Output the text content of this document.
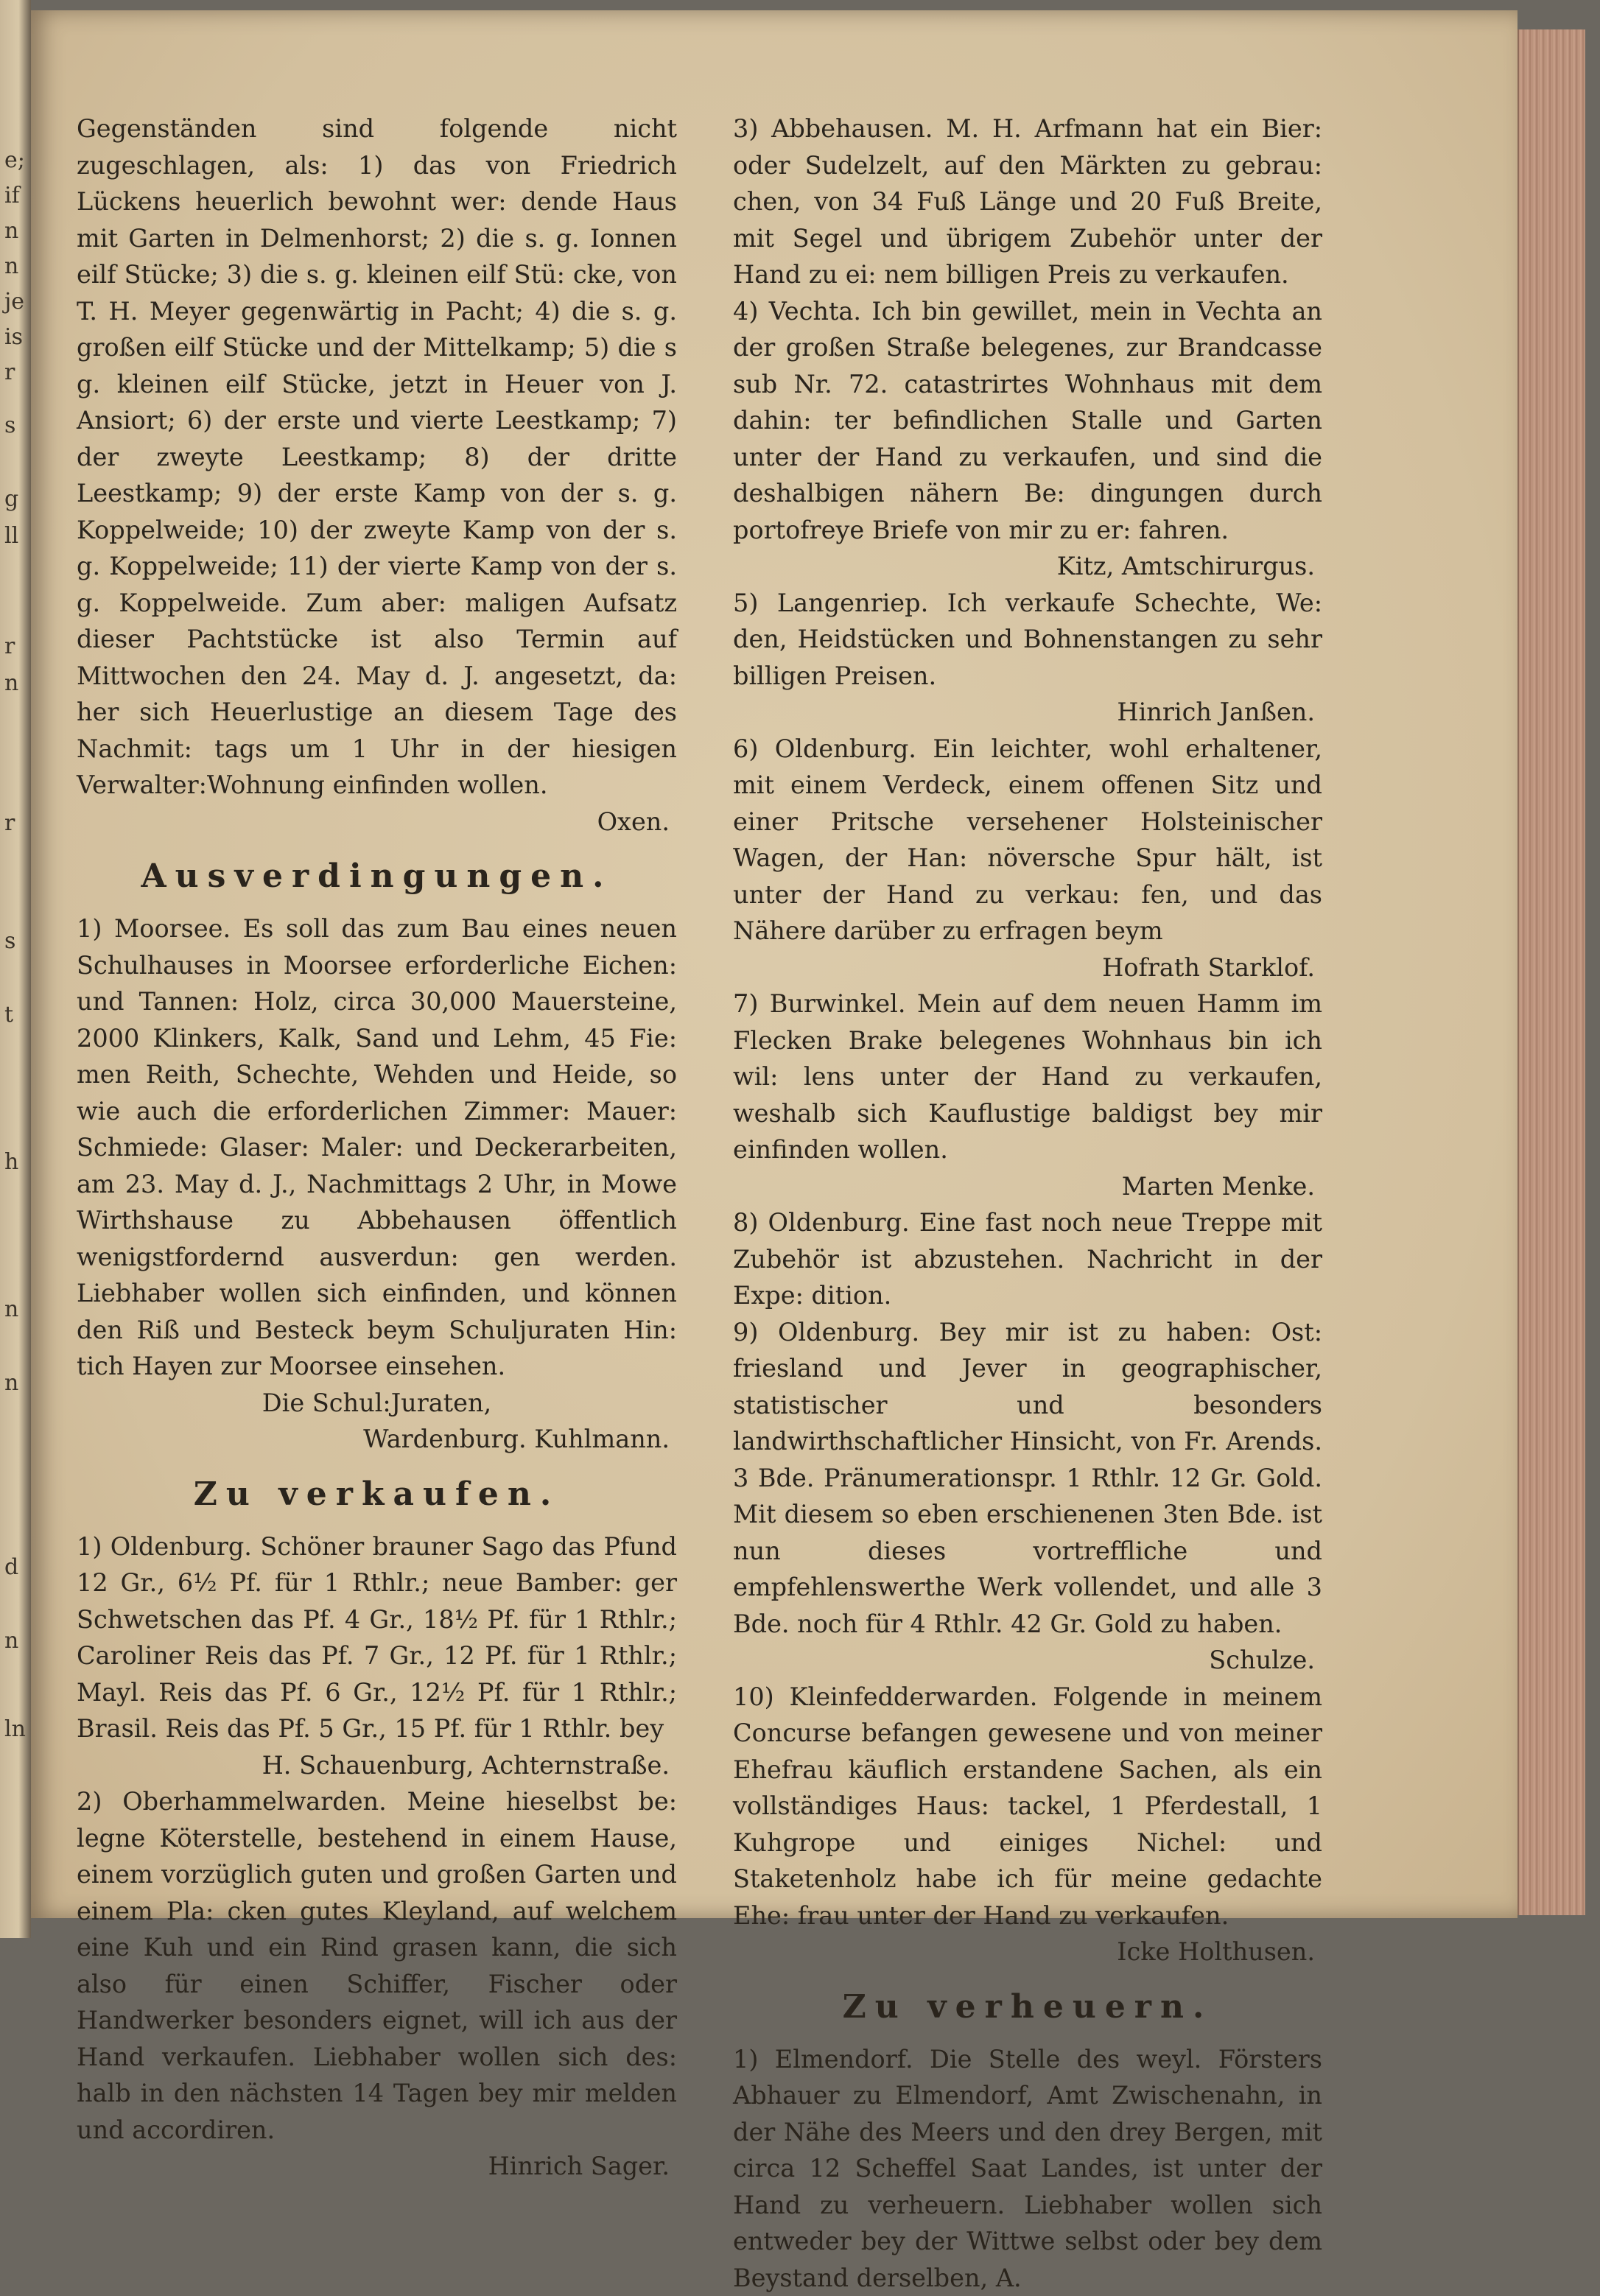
e;
if
n
n
je
is
r
s
g
ll
r
n
r
s
t
h
n
n
d
n
ln

Gegenständen sind folgende nicht zugeschlagen, als: 1) das von Friedrich Lückens heuerlich bewohnt wer: dende Haus mit Garten in Delmenhorst; 2) die s. g. Ionnen eilf Stücke; 3) die s. g. kleinen eilf Stü: cke, von T. H. Meyer gegenwärtig in Pacht; 4) die s. g. großen eilf Stücke und der Mittelkamp; 5) die s g. kleinen eilf Stücke, jetzt in Heuer von J. Ansiort; 6) der erste und vierte Leestkamp; 7) der zweyte Leestkamp; 8) der dritte Leestkamp; 9) der erste Kamp von der s. g. Koppelweide; 10) der zweyte Kamp von der s. g. Koppelweide; 11) der vierte Kamp von der s. g. Koppelweide. Zum aber: maligen Aufsatz dieser Pachtstücke ist also Termin auf Mittwochen den 24. May d. J. angesetzt, da: her sich Heuerlustige an diesem Tage des Nachmit: tags um 1 Uhr in der hiesigen Verwalter:Wohnung einfinden wollen.

Oxen.

Ausverdingungen.

1) Moorsee. Es soll das zum Bau eines neuen Schulhauses in Moorsee erforderliche Eichen: und Tannen: Holz, circa 30,000 Mauersteine, 2000 Klinkers, Kalk, Sand und Lehm, 45 Fie: men Reith, Schechte, Wehden und Heide, so wie auch die erforderlichen Zimmer: Mauer: Schmiede: Glaser: Maler: und Deckerarbeiten, am 23. May d. J., Nachmittags 2 Uhr, in Mowe Wirthshause zu Abbehausen öffentlich wenigstfordernd ausverdun: gen werden. Liebhaber wollen sich einfinden, und können den Riß und Besteck beym Schuljuraten Hin: tich Hayen zur Moorsee einsehen.

Die Schul:Juraten,

Wardenburg. Kuhlmann.

Zu verkaufen.

1) Oldenburg. Schöner brauner Sago das Pfund 12 Gr., 6½ Pf. für 1 Rthlr.; neue Bamber: ger Schwetschen das Pf. 4 Gr., 18½ Pf. für 1 Rthlr.; Caroliner Reis das Pf. 7 Gr., 12 Pf. für 1 Rthlr.; Mayl. Reis das Pf. 6 Gr., 12½ Pf. für 1 Rthlr.; Brasil. Reis das Pf. 5 Gr., 15 Pf. für 1 Rthlr. bey

H. Schauenburg, Achternstraße.

2) Oberhammelwarden. Meine hieselbst be: legne Köterstelle, bestehend in einem Hause, einem vorzüglich guten und großen Garten und einem Pla: cken gutes Kleyland, auf welchem eine Kuh und ein Rind grasen kann, die sich also für einen Schiffer, Fischer oder Handwerker besonders eignet, will ich aus der Hand verkaufen. Liebhaber wollen sich des: halb in den nächsten 14 Tagen bey mir melden und accordiren.

Hinrich Sager.

3) Abbehausen. M. H. Arfmann hat ein Bier: oder Sudelzelt, auf den Märkten zu gebrau: chen, von 34 Fuß Länge und 20 Fuß Breite, mit Segel und übrigem Zubehör unter der Hand zu ei: nem billigen Preis zu verkaufen.

4) Vechta. Ich bin gewillet, mein in Vechta an der großen Straße belegenes, zur Brandcasse sub Nr. 72. catastrirtes Wohnhaus mit dem dahin: ter befindlichen Stalle und Garten unter der Hand zu verkaufen, und sind die deshalbigen nähern Be: dingungen durch portofreye Briefe von mir zu er: fahren.

Kitz, Amtschirurgus.

5) Langenriep. Ich verkaufe Schechte, We: den, Heidstücken und Bohnenstangen zu sehr billigen Preisen.

Hinrich Janßen.

6) Oldenburg. Ein leichter, wohl erhaltener, mit einem Verdeck, einem offenen Sitz und einer Pritsche versehener Holsteinischer Wagen, der Han: növersche Spur hält, ist unter der Hand zu verkau: fen, und das Nähere darüber zu erfragen beym

Hofrath Starklof.

7) Burwinkel. Mein auf dem neuen Hamm im Flecken Brake belegenes Wohnhaus bin ich wil: lens unter der Hand zu verkaufen, weshalb sich Kauflustige baldigst bey mir einfinden wollen.

Marten Menke.

8) Oldenburg. Eine fast noch neue Treppe mit Zubehör ist abzustehen. Nachricht in der Expe: dition.

9) Oldenburg. Bey mir ist zu haben: Ost: friesland und Jever in geographischer, statistischer und besonders landwirthschaftlicher Hinsicht, von Fr. Arends. 3 Bde. Pränumerationspr. 1 Rthlr. 12 Gr. Gold. Mit diesem so eben erschienenen 3ten Bde. ist nun dieses vortreffliche und empfehlenswerthe Werk vollendet, und alle 3 Bde. noch für 4 Rthlr. 42 Gr. Gold zu haben.

Schulze.

10) Kleinfedderwarden. Folgende in meinem Concurse befangen gewesene und von meiner Ehefrau käuflich erstandene Sachen, als ein vollständiges Haus: tackel, 1 Pferdestall, 1 Kuhgrope und einiges Nichel: und Staketenholz habe ich für meine gedachte Ehe: frau unter der Hand zu verkaufen.

Icke Holthusen.

Zu verheuern.

1) Elmendorf. Die Stelle des weyl. Försters Abhauer zu Elmendorf, Amt Zwischenahn, in der Nähe des Meers und den drey Bergen, mit circa 12 Scheffel Saat Landes, ist unter der Hand zu verheuern. Liebhaber wollen sich entweder bey der Wittwe selbst oder bey dem Beystand derselben, A.
